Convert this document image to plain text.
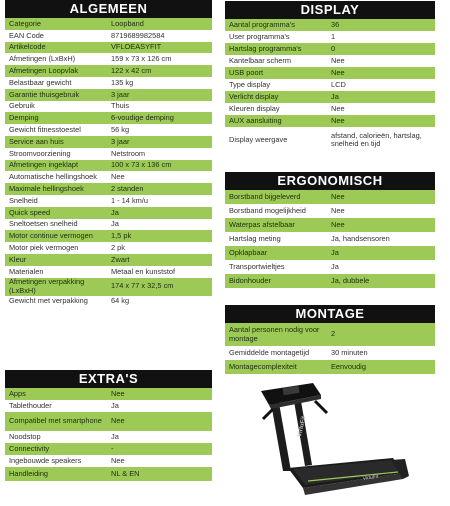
ALGEMEEN
Categorie	Loopband
EAN Code	8719689982584
Artikelcode	VFLOEASYFIT
Afmetingen (LxBxH)	159 x 73 x 126 cm
Afmetingen Loopvlak	122 x 42 cm
Belastbaar gewicht	135 kg
Garantie thuisgebruik	3 jaar
Gebruik	Thuis
Demping	6-voudige demping
Gewicht fitnesstoestel	56 kg
Service aan huis	3 jaar
Stroomvoorziening	Netstroom
Afmetingen ingeklapt	100 x 73 x 136 cm
Automatische hellingshoek	Nee
Maximale hellingshoek	2 standen
Snelheid	1 - 14 km/u
Quick speed	Ja
Sneltoetsen snelheid	Ja
Motor continue vermogen	1,5 pk
Motor piek vermogen	2 pk
Kleur	Zwart
Materialen	Metaal en kunststof
Afmetingen verpakking (LxBxH)	174 x 77 x 32,5 cm
Gewicht met verpakking	64 kg
DISPLAY
Aantal programma's	36
User programma's	1
Hartslag programma's	0
Kantelbaar scherm	Nee
USB poort	Nee
Type display	LCD
Verlicht display	Ja
Kleuren display	Nee
AUX aansluiting	Nee
Display weergave	afstand, calorieën, hartslag, snelheid en tijd
ERGONOMISCH
Borstband bijgeleverd	Nee
Borstband mogelijkheid	Nee
Waterpas afstelbaar	Nee
Hartslag meting	Ja, handsensoren
Opklapbaar	Ja
Transportwieltjes	Ja
Bidonhouder	Ja, dubbele
MONTAGE
Aantal personen nodig voor montage	2
Gemiddelde montagetijd	30 minuten
Montagecomplexiteit	Eenvoudig
EXTRA'S
Apps	Nee
Tablethouder	Ja
Compatibel met smartphone	Nee
Noodstop	Ja
Connectivity	-
Ingebouwde speakers	Nee
Handleiding	NL & EN
VirtuFit
VirtuFit
